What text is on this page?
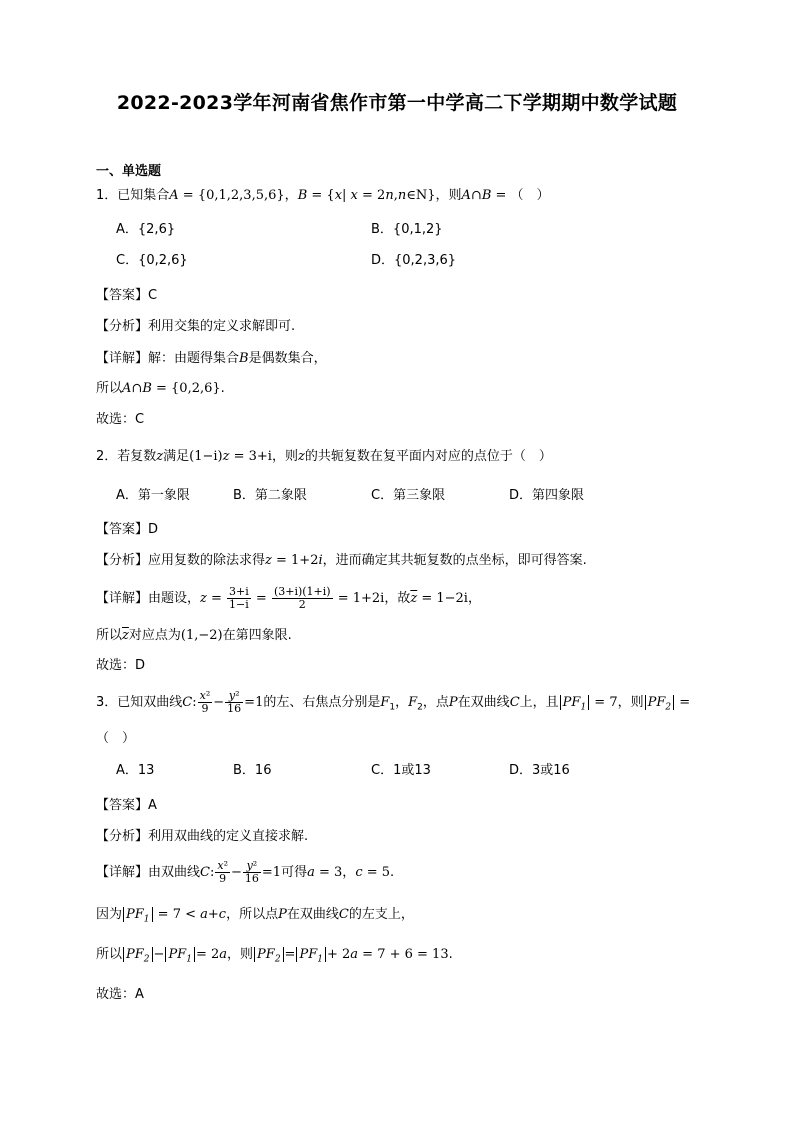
2022-2023学年河南省焦作市第一中学高二下学期期中数学试题
一、单选题
1．已知集合A = {0,1,2,3,5,6}，B = {x| x = 2n,n∈N}，则A∩B = （　）
A．{2,6}	B．{0,1,2}
C．{0,2,6}	D．{0,2,3,6}
【答案】C
【分析】利用交集的定义求解即可.
【详解】解：由题得集合B是偶数集合，
所以A∩B = {0,2,6}.
故选：C
2．若复数z满足(1−i)z = 3+i，则z的共轭复数在复平面内对应的点位于（　）
A．第一象限	B．第二象限	C．第三象限	D．第四象限
【答案】D
【分析】应用复数的除法求得z = 1+2i，进而确定其共轭复数的点坐标，即可得答案.
【详解】由题设，$z = \frac{3+i}{1-i} = \frac{(3+i)(1+i)}{2} = 1+2i$，故$\overline{z} = 1-2i$，
所以$\overline{z}$对应点为(1,−2)在第四象限.
故选：D
3．已知双曲线C: $\frac{\text{x²}}{9} - \frac{\text{y²}}{16} =1$的左、右焦点分别是$F_1$，$F_2$，点P在双曲线C上，且 $PF_1 = 7$，则 $PF_2$ =
（　）
A．13	B．16	C．1或13	D．3或16
【答案】A
【分析】利用双曲线的定义直接求解.
【详解】由双曲线C: $\frac{\text{x²}}{9} - \frac{\text{y²}}{16} =1$可得a = 3，c = 5.
因为 $PF_1 = 7 < a+c$，所以点P在双曲线C的左支上，
所以 $PF_2 - PF_1 = 2a$，则 $PF_2 = PF_1 + 2a = 7 + 6 = 13$.
故选：A
